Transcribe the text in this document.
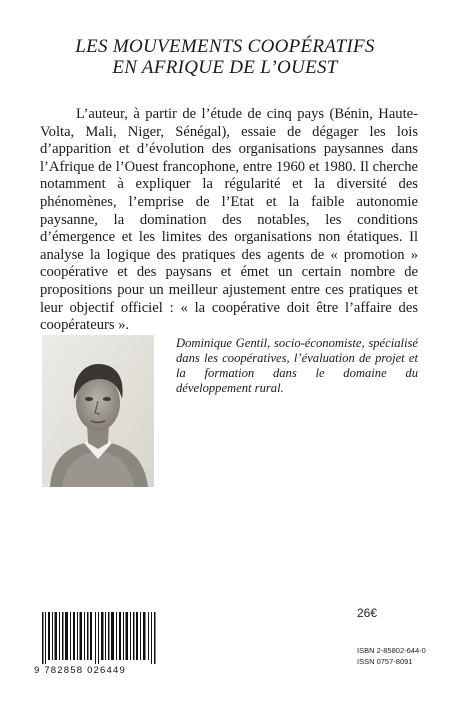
LES MOUVEMENTS COOPÉRATIFS
EN AFRIQUE DE L’OUEST
L’auteur, à partir de l’étude de cinq pays (Bénin, Haute-Volta, Mali, Niger, Sénégal), essaie de dégager les lois d’apparition et d’évolution des organisations paysannes dans l’Afrique de l’Ouest francophone, entre 1960 et 1980. Il cherche notamment à expliquer la régularité et la diversité des phénomènes, l’emprise de l’Etat et la faible autonomie paysanne, la domination des notables, les conditions d’émergence et les limites des organisations non étatiques. Il analyse la logique des pratiques des agents de « promotion » coopérative et des paysans et émet un certain nombre de propositions pour un meilleur ajustement entre ces pratiques et leur objectif officiel : « la coopérative doit être l’affaire des coopérateurs ».
Dominique Gentil, socio-économiste, spécialisé dans les coopératives, l’évaluation de projet et la formation dans le domaine du développement rural.
26€
9 782858 026449
ISBN 2-85802-644-0
ISSN 0757-8091
